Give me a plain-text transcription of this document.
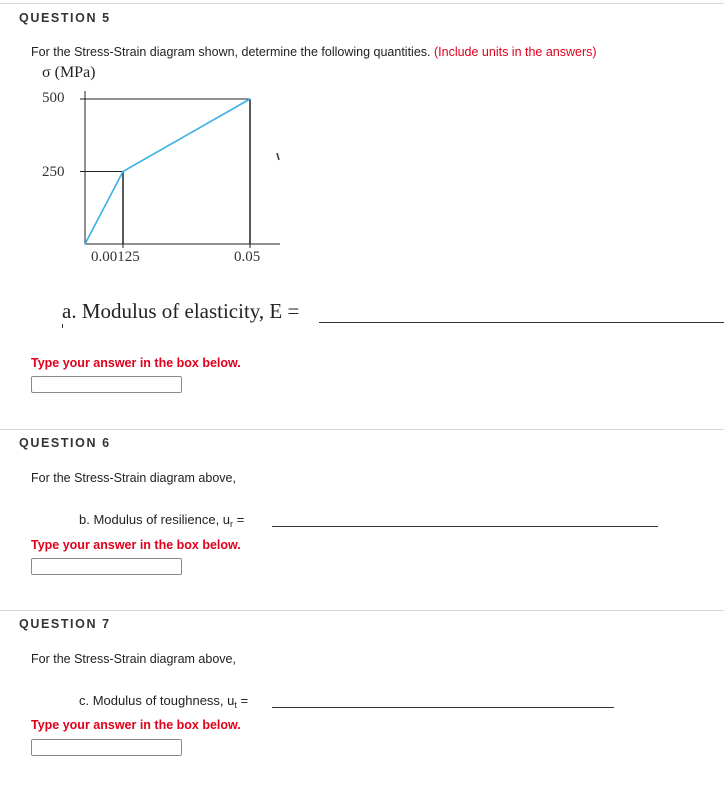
QUESTION 5
For the Stress-Strain diagram shown, determine the following quantities. (Include units in the answers)
σ (MPa)
500
250
0.00125	0.05
a. Modulus of elasticity, E =
Type your answer in the box below.
QUESTION 6
For the Stress-Strain diagram above,
b. Modulus of resilience, $u_r$ =
Type your answer in the box below.
QUESTION 7
For the Stress-Strain diagram above,
c. Modulus of toughness, $u_t$ =
Type your answer in the box below.
